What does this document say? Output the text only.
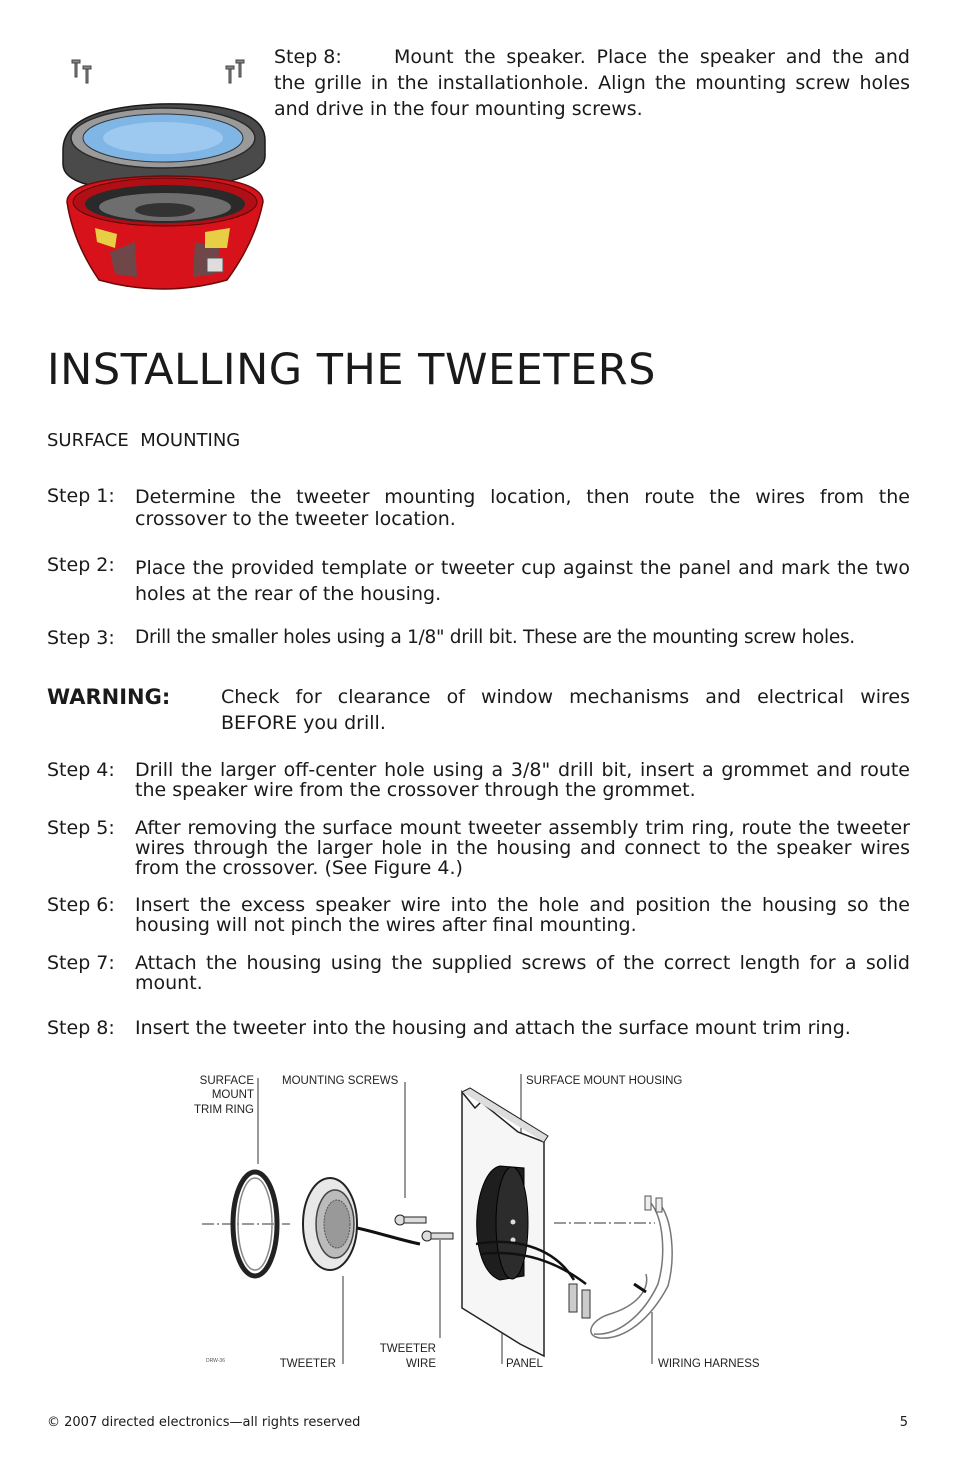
Step 8:	Mount the speaker. Place the speaker and the and
the grille in the installationhole. Align the mounting screw holes and drive in the four mounting screws.
INSTALLING THE TWEETERS
SURFACE  MOUNTING
Step 1: Determine the tweeter mounting location, then route the wires from the crossover to the tweeter location.
Step 2: Place the provided template or tweeter cup against the panel and mark the two holes at the rear of the housing.
Step 3: Drill the smaller holes using a 1/8" drill bit. These are the mounting screw holes.
WARNING:	Check for clearance of window mechanisms and electrical wires BEFORE you drill.
Step 4: Drill the larger off-center hole using a 3/8" drill bit, insert a grommet and route the speaker wire from the crossover through the grommet.
Step 5: After removing the surface mount tweeter assembly trim ring, route the tweeter wires through the larger hole in the housing and connect to the speaker wires from the crossover. (See Figure 4.)
Step 6: Insert the excess speaker wire into the hole and position the housing so the housing will not pinch the wires after final mounting.
Step 7: Attach the housing using the supplied screws of the correct length for a solid mount.
Step 8: Insert the tweeter into the housing and attach the surface mount trim ring.
SURFACE
MOUNT
TRIM RING
MOUNTING SCREWS	SURFACE MOUNT HOUSING
TWEETER
TWEETER
WIRE	PANEL	WIRING HARNESS
DRW-36
© 2007 directed electronics—all rights reserved	5
